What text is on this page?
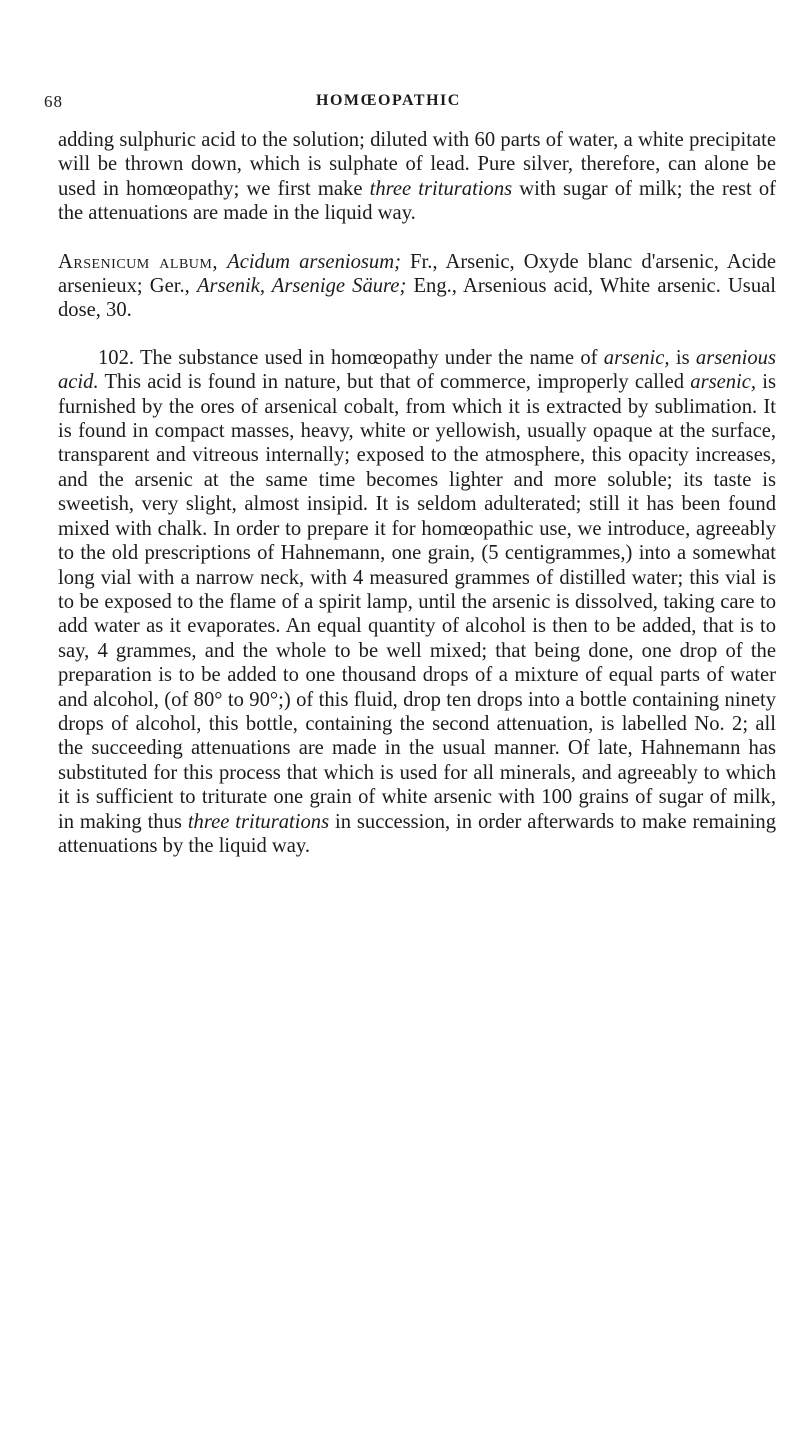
68	HOMŒOPATHIC

adding sulphuric acid to the solution; diluted with 60 parts of water, a white precipitate will be thrown down, which is sulphate of lead. Pure silver, therefore, can alone be used in homœopathy; we first make three triturations with sugar of milk; the rest of the attenuations are made in the liquid way.

Arsenicum album, Acidum arseniosum; Fr., Arsenic, Oxyde blanc d'arsenic, Acide arsenieux; Ger., Arsenik, Arsenige Säure; Eng., Arsenious acid, White arsenic. Usual dose, 30.

102. The substance used in homœopathy under the name of arsenic, is arsenious acid. This acid is found in nature, but that of commerce, improperly called arsenic, is furnished by the ores of arsenical cobalt, from which it is extracted by sublimation. It is found in compact masses, heavy, white or yellowish, usually opaque at the surface, transparent and vitreous internally; exposed to the atmosphere, this opacity increases, and the arsenic at the same time becomes lighter and more soluble; its taste is sweetish, very slight, almost insipid. It is seldom adulterated; still it has been found mixed with chalk. In order to prepare it for homœopathic use, we introduce, agreeably to the old prescriptions of Hahnemann, one grain, (5 centigrammes,) into a somewhat long vial with a narrow neck, with 4 measured grammes of distilled water; this vial is to be exposed to the flame of a spirit lamp, until the arsenic is dissolved, taking care to add water as it evaporates. An equal quantity of alcohol is then to be added, that is to say, 4 grammes, and the whole to be well mixed; that being done, one drop of the preparation is to be added to one thousand drops of a mixture of equal parts of water and alcohol, (of 80° to 90°;) of this fluid, drop ten drops into a bottle containing ninety drops of alcohol, this bottle, containing the second attenuation, is labelled No. 2; all the succeeding attenuations are made in the usual manner. Of late, Hahnemann has substituted for this process that which is used for all minerals, and agreeably to which it is sufficient to triturate one grain of white arsenic with 100 grains of sugar of milk, in making thus three triturations in succession, in order afterwards to make remaining attenuations by the liquid way.
